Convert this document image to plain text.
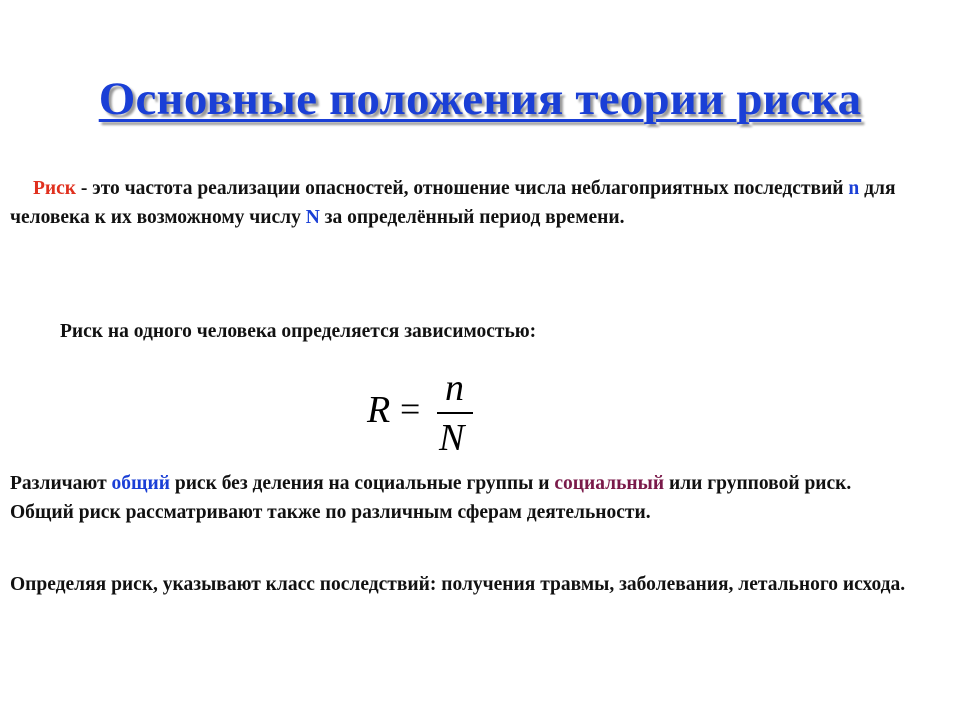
Основные положения теории риска
Риск - это частота реализации опасностей, отношение числа неблагоприятных последствий n для человека к их возможному числу N за определённый период времени.
Риск на одного человека определяется зависимостью:
R = n
N
Различают общий риск без деления на социальные группы и социальный или групповой риск. Общий риск рассматривают также по различным сферам деятельности.
Определяя риск, указывают класс последствий: получения травмы, заболевания, летального исхода.
